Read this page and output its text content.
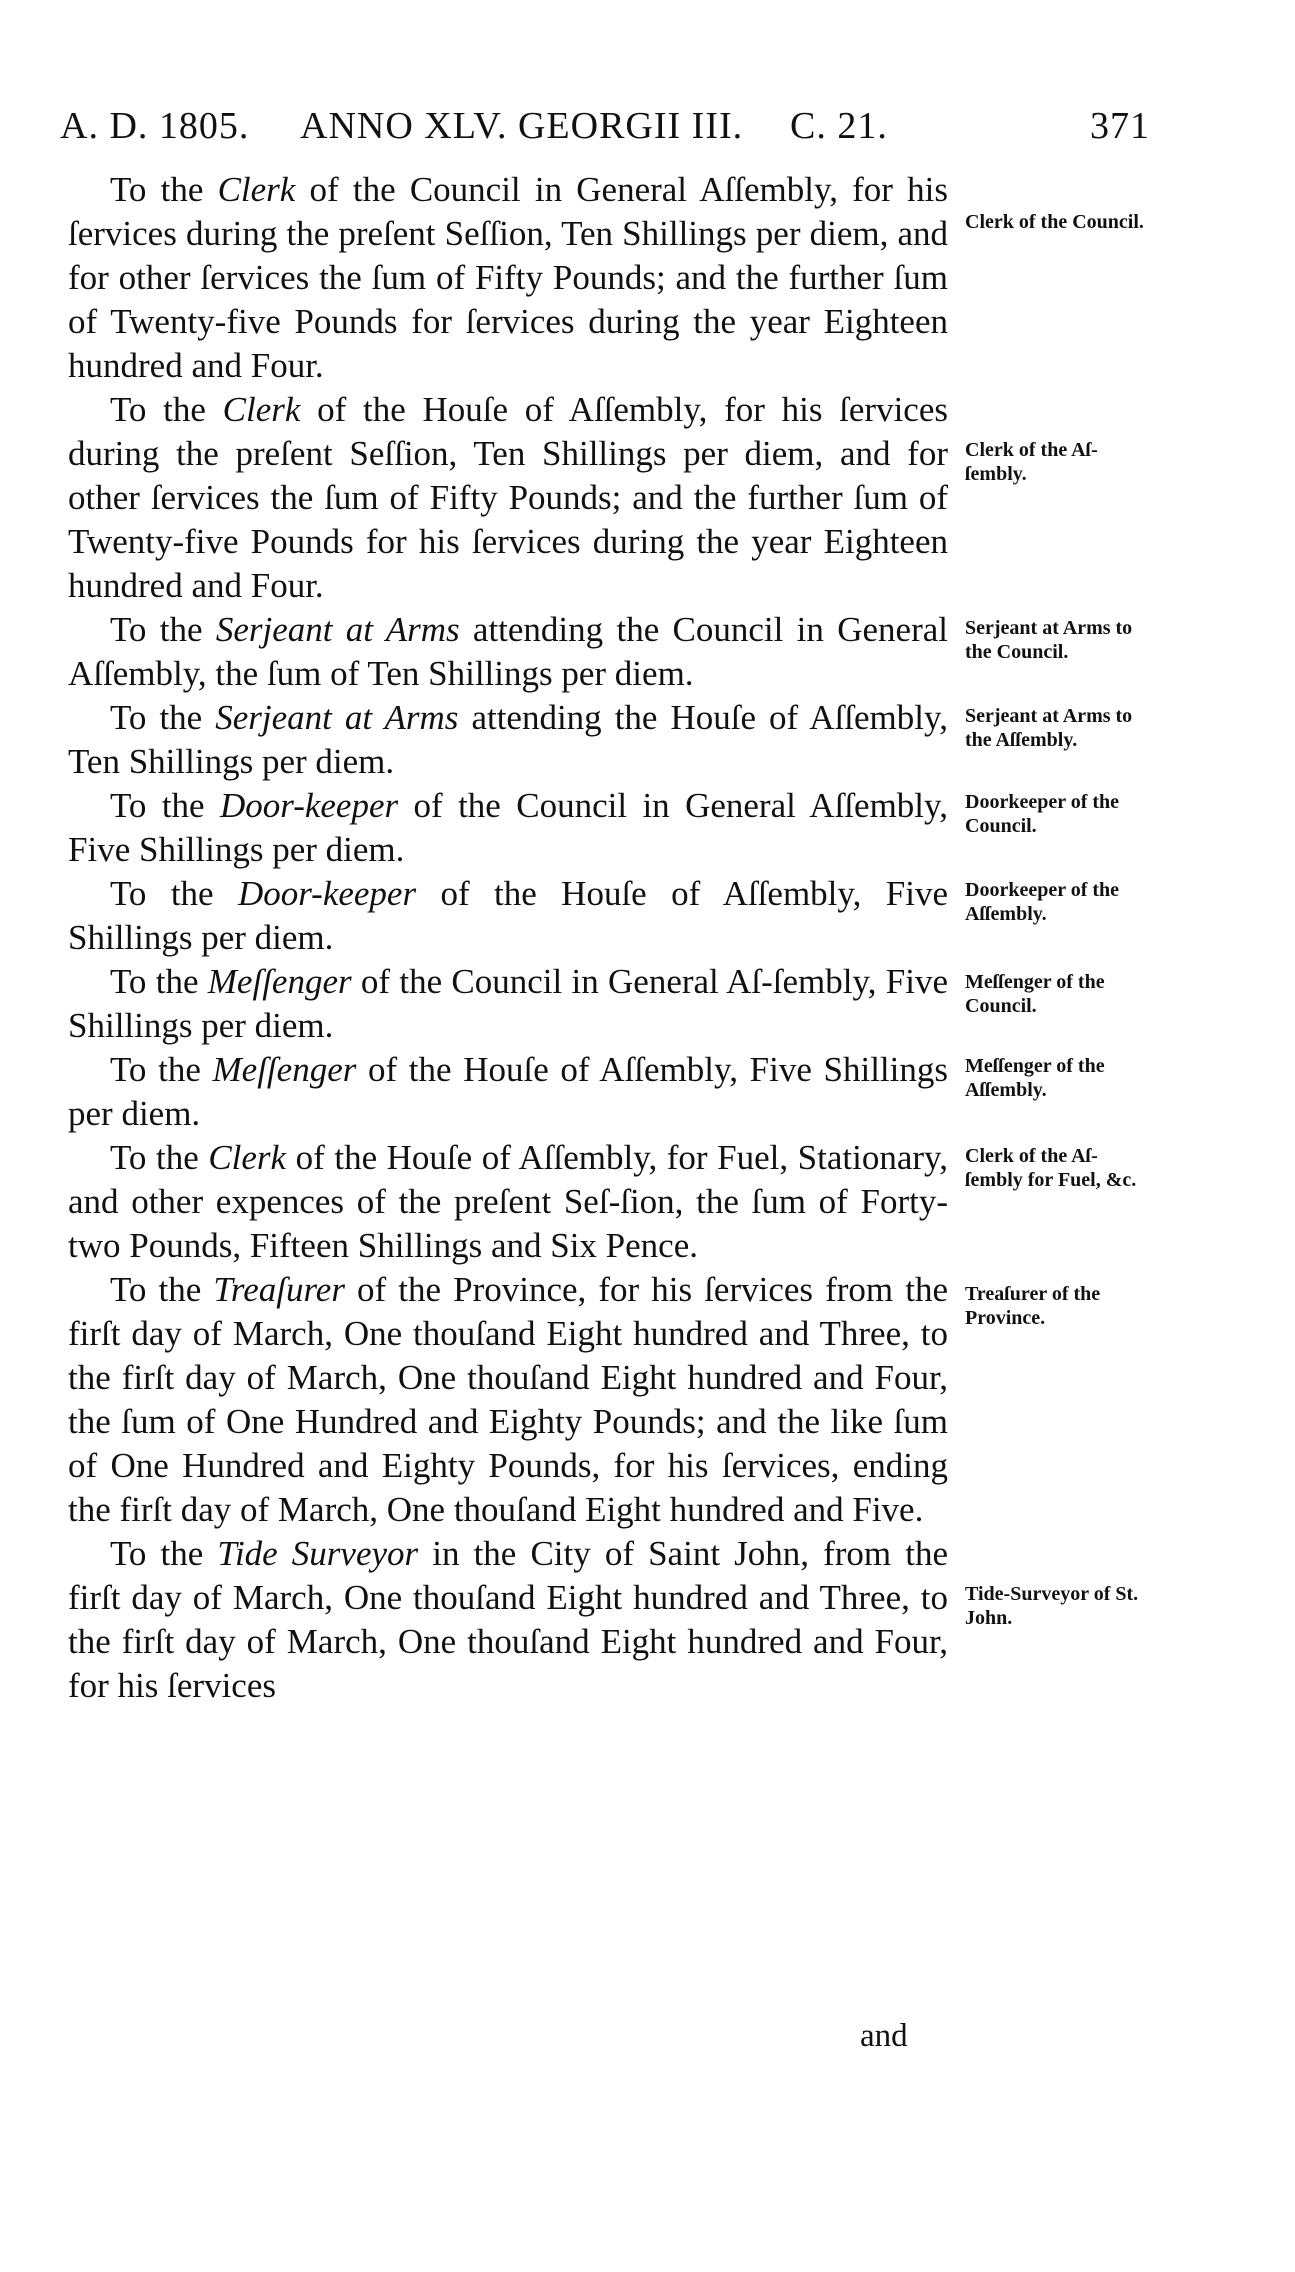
A. D. 1805. ANNO XLV. GEORGII III. C. 21.	371

To the Clerk of the Council in General Aſſembly, for his ſervices during the preſent Seſſion, Ten Shillings per diem, and for other ſervices the ſum of Fifty Pounds; and the further ſum of Twenty-five Pounds for ſervices during the year Eighteen hundred and Four.
Clerk of the Council.

To the Clerk of the Houſe of Aſſembly, for his ſervices during the preſent Seſſion, Ten Shillings per diem, and for other ſervices the ſum of Fifty Pounds; and the further ſum of Twenty-five Pounds for his ſervices during the year Eighteen hundred and Four.
Clerk of the Aſ-ſembly.

To the Serjeant at Arms attending the Council in General Aſſembly, the ſum of Ten Shillings per diem.
Serjeant at Arms to the Council.

To the Serjeant at Arms attending the Houſe of Aſſembly, Ten Shillings per diem.
Serjeant at Arms to the Aſſembly.

To the Door-keeper of the Council in General Aſſembly, Five Shillings per diem.
Doorkeeper of the Council.

To the Door-keeper of the Houſe of Aſſembly, Five Shillings per diem.
Doorkeeper of the Aſſembly.

To the Meſſenger of the Council in General Aſ-ſembly, Five Shillings per diem.
Meſſenger of the Council.

To the Meſſenger of the Houſe of Aſſembly, Five Shillings per diem.
Meſſenger of the Aſſembly.

To the Clerk of the Houſe of Aſſembly, for Fuel, Stationary, and other expences of the preſent Seſ-ſion, the ſum of Forty-two Pounds, Fifteen Shillings and Six Pence.
Clerk of the Aſ-ſembly for Fuel, &c.

To the Treaſurer of the Province, for his ſervices from the firſt day of March, One thouſand Eight hundred and Three, to the firſt day of March, One thouſand Eight hundred and Four, the ſum of One Hundred and Eighty Pounds; and the like ſum of One Hundred and Eighty Pounds, for his ſervices, ending the firſt day of March, One thouſand Eight hundred and Five.
Treaſurer of the Province.

To the Tide Surveyor in the City of Saint John, from the firſt day of March, One thouſand Eight hundred and Three, to the firſt day of March, One thouſand Eight hundred and Four, for his ſervices
Tide-Surveyor of St. John.

and
